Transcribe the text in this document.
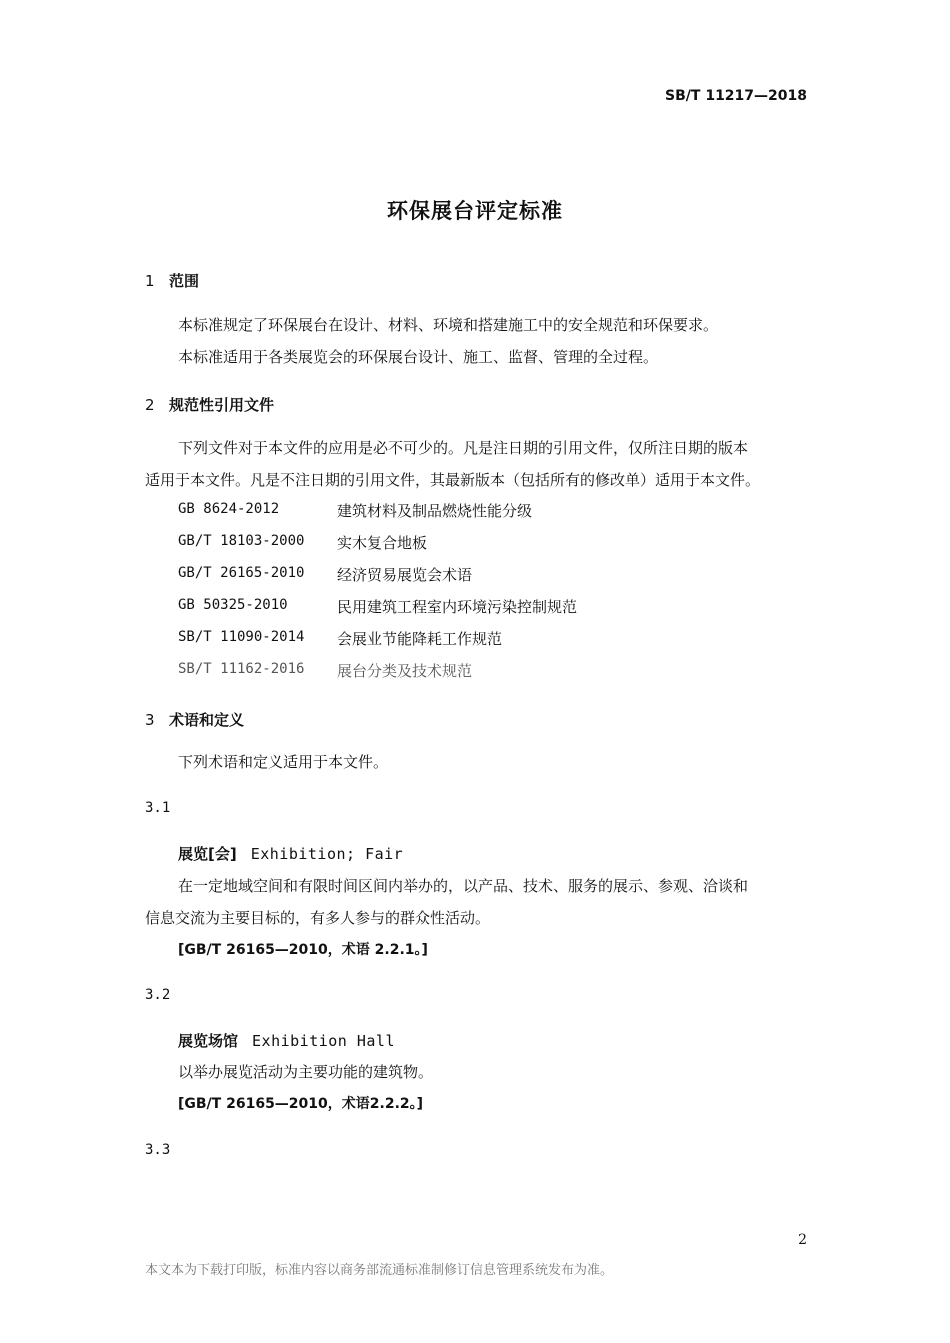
SB/T 11217—2018
环保展台评定标准
1 范围
本标准规定了环保展台在设计、材料、环境和搭建施工中的安全规范和环保要求。
本标准适用于各类展览会的环保展台设计、施工、监督、管理的全过程。
2 规范性引用文件
下列文件对于本文件的应用是必不可少的。凡是注日期的引用文件，仅所注日期的版本
适用于本文件。凡是不注日期的引用文件，其最新版本（包括所有的修改单）适用于本文件。
GB 8624-2012	建筑材料及制品燃烧性能分级
GB/T 18103-2000 实木复合地板
GB/T 26165-2010 经济贸易展览会术语
GB 50325-2010	民用建筑工程室内环境污染控制规范
SB/T 11090-2014 会展业节能降耗工作规范
SB/T 11162-2016 展台分类及技术规范
3 术语和定义
下列术语和定义适用于本文件。
3.1
展览[会] Exhibition; Fair
在一定地域空间和有限时间区间内举办的，以产品、技术、服务的展示、参观、洽谈和
信息交流为主要目标的，有多人参与的群众性活动。
[GB/T 26165—2010，术语 2.2.1。]
3.2
展览场馆 Exhibition Hall
以举办展览活动为主要功能的建筑物。
[GB/T 26165—2010，术语2.2.2。]
3.3
2
本文本为下载打印版，标准内容以商务部流通标准制修订信息管理系统发布为准。
